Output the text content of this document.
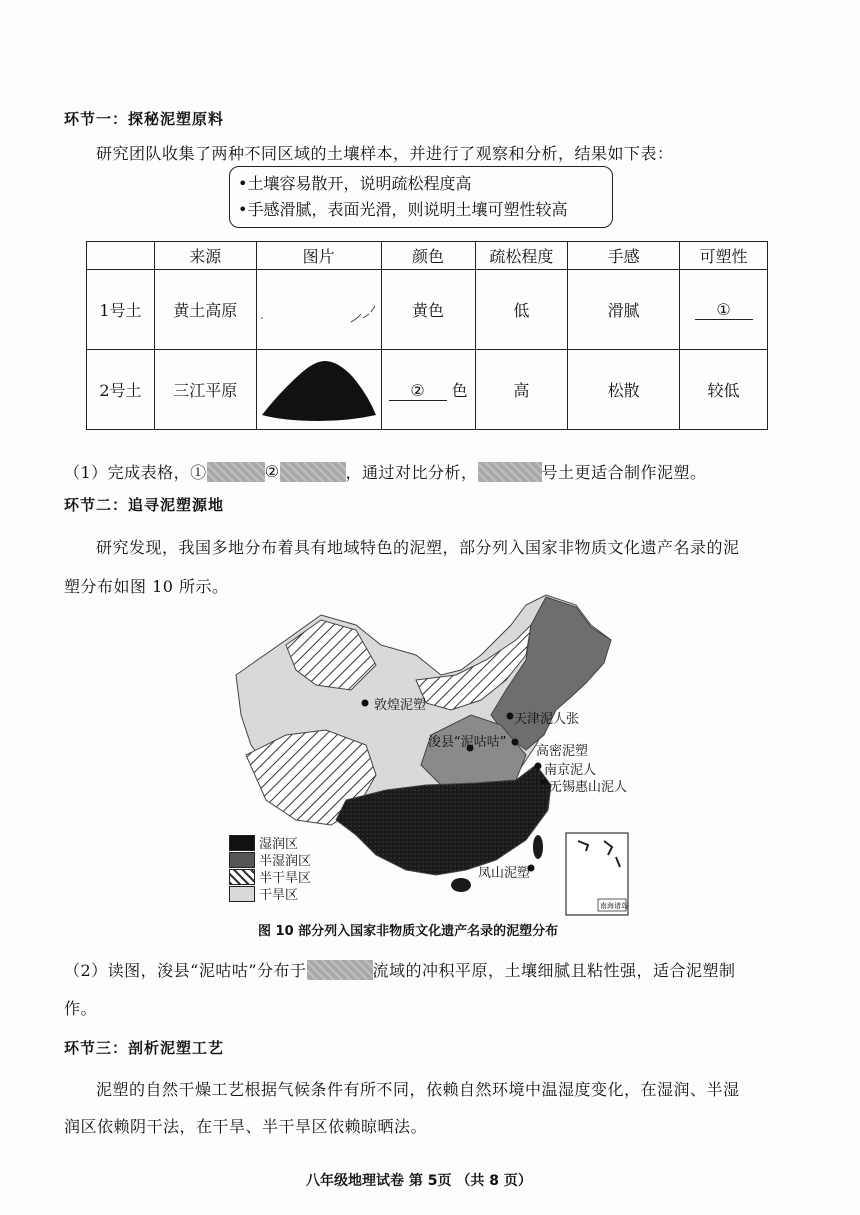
环节一：探秘泥塑原料
研究团队收集了两种不同区域的土壤样本，并进行了观察和分析，结果如下表：
•土壤容易散开，说明疏松程度高
•手感滑腻，表面光滑，则说明土壤可塑性较高
	来源	图片	颜色	疏松程度	手感	可塑性
1号土	黄土高原		黄色	低	滑腻	①
2号土	三江平原		② 色	高	松散	较低
（1）完成表格，①	②	，通过对比分析，	号土更适合制作泥塑。
环节二：追寻泥塑源地
研究发现，我国多地分布着具有地域特色的泥塑，部分列入国家非物质文化遗产名录的泥
塑分布如图 10 所示。
敦煌泥塑
天津泥人张
浚县“泥咕咕”
高密泥塑
南京泥人
无锡惠山泥人
凤山泥塑
南海诸岛
湿润区
半湿润区
半干旱区
干旱区
图 10 部分列入国家非物质文化遗产名录的泥塑分布
（2）读图，浚县“泥咕咕”分布于	流域的冲积平原，土壤细腻且粘性强，适合泥塑制
作。
环节三：剖析泥塑工艺
泥塑的自然干燥工艺根据气候条件有所不同，依赖自然环境中温湿度变化，在湿润、半湿
润区依赖阴干法，在干旱、半干旱区依赖晾晒法。
八年级地理试卷 第 5页 （共 8 页）
